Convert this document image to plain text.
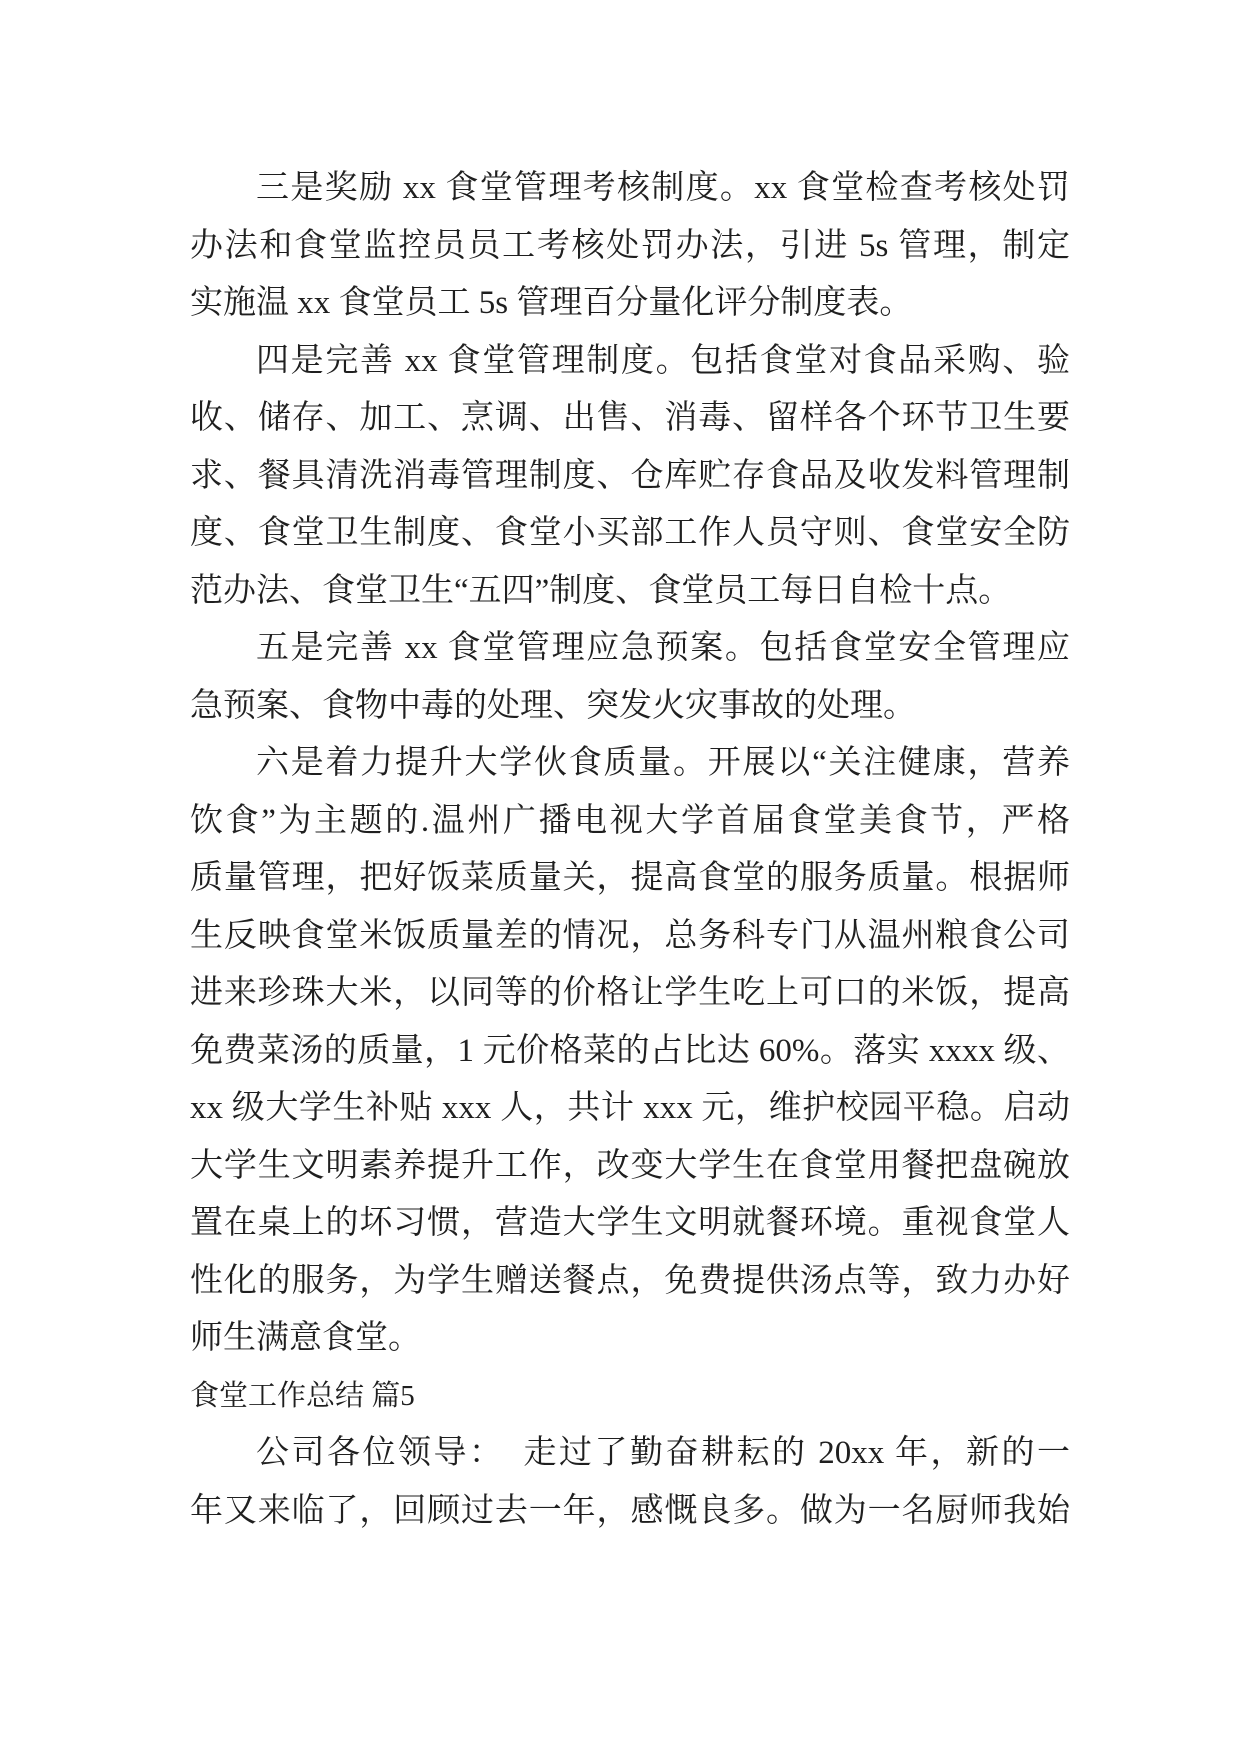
三是奖励 xx 食堂管理考核制度。xx 食堂检查考核处罚
办法和食堂监控员员工考核处罚办法，引进 5s 管理，制定
实施温 xx 食堂员工 5s 管理百分量化评分制度表。
四是完善 xx 食堂管理制度。包括食堂对食品采购、验
收、储存、加工、烹调、出售、消毒、留样各个环节卫生要
求、餐具清洗消毒管理制度、仓库贮存食品及收发料管理制
度、食堂卫生制度、食堂小买部工作人员守则、食堂安全防
范办法、食堂卫生“五四”制度、食堂员工每日自检十点。
五是完善 xx 食堂管理应急预案。包括食堂安全管理应
急预案、食物中毒的处理、突发火灾事故的处理。
六是着力提升大学伙食质量。开展以“关注健康，营养
饮食”为主题的.温州广播电视大学首届食堂美食节，严格
质量管理，把好饭菜质量关，提高食堂的服务质量。根据师
生反映食堂米饭质量差的情况，总务科专门从温州粮食公司
进来珍珠大米，以同等的价格让学生吃上可口的米饭，提高
免费菜汤的质量，1 元价格菜的占比达 60%。落实 xxxx 级、
xx 级大学生补贴 xxx 人，共计 xxx 元，维护校园平稳。启动
大学生文明素养提升工作，改变大学生在食堂用餐把盘碗放
置在桌上的坏习惯，营造大学生文明就餐环境。重视食堂人
性化的服务，为学生赠送餐点，免费提供汤点等，致力办好
师生满意食堂。
食堂工作总结 篇5
公司各位领导：　走过了勤奋耕耘的 20xx 年，新的一
年又来临了，回顾过去一年，感慨良多。做为一名厨师我始
